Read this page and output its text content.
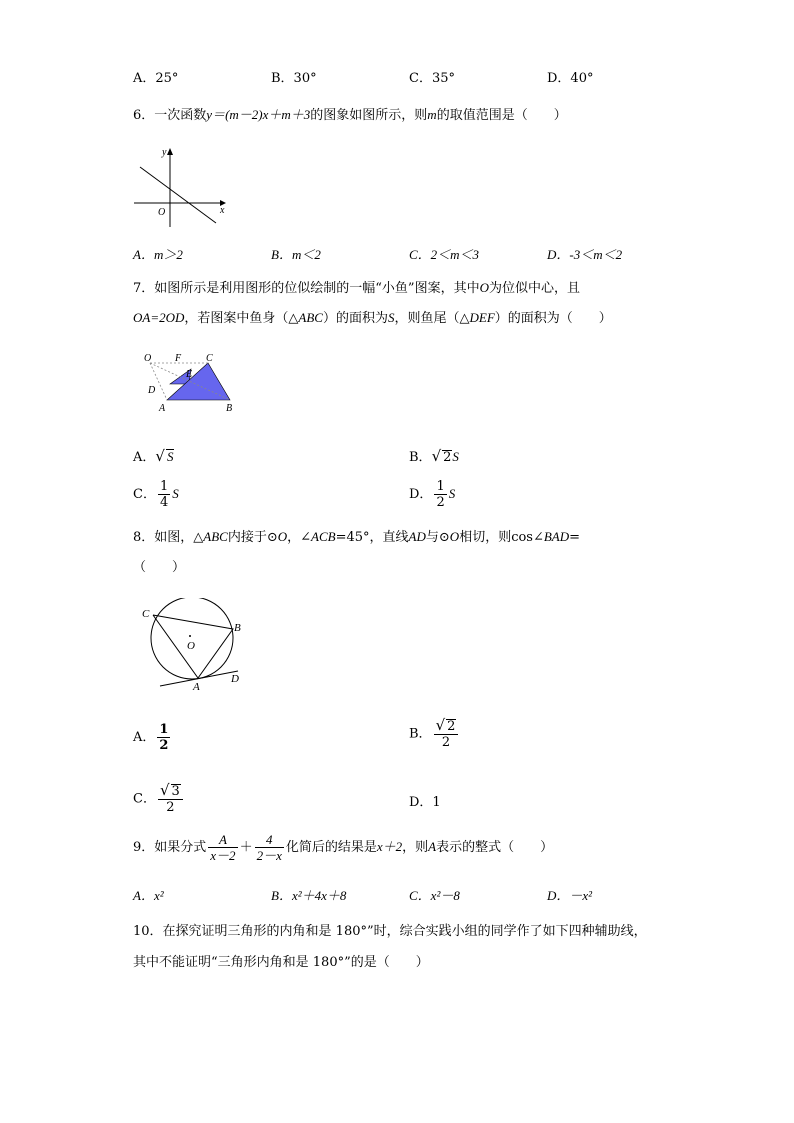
A．25°	B．30°	C．35°	D．40°
6．一次函数y＝(m－2)x＋m＋3的图象如图所示，则m的取值范围是（　　）
y
x
O
A．m＞2	B．m＜2	C．2＜m＜3	D．-3＜m＜2
7．如图所示是利用图形的位似绘制的一幅“小鱼”图案，其中O为位似中心，且
OA=2OD，若图案中鱼身（△ABC）的面积为S，则鱼尾（△DEF）的面积为（　　）
O F C
E
D
A	B
A．√ S	B．√ 2S
C． $\frac{1}{4}$ S	D． $\frac{1}{2}$ S
8．如图，△ABC内接于⊙O，∠ACB=45°，直线AD与⊙O相切，则cos∠BAD=
（　　）
C
B
O
A
D
A． $\frac{1}{2}$	B． $\frac{√ 2}{2}$
C． $\frac{√ 3}{2}$	D．1
9．如果分式 $\frac{A}{x-2} + \frac{4}{2-x}$ 化简后的结果是x＋2，则A表示的整式（　　）
A．x²	B．x²＋4x＋8	C．x²－8	D．－x²
10．在探究证明三角形的内角和是 180°”时，综合实践小组的同学作了如下四种辅助线，
其中不能证明“三角形内角和是 180°”的是（　　）
